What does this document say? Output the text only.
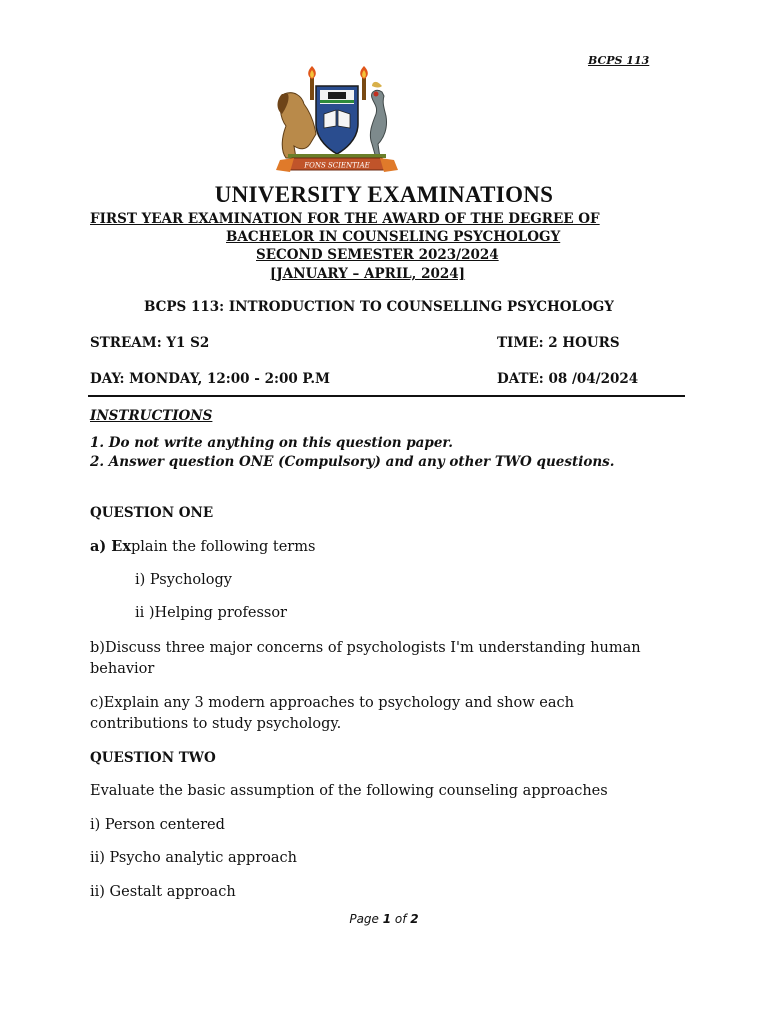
BCPS 113
FONS SCIENTIAE
UNIVERSITY EXAMINATIONS
FIRST YEAR EXAMINATION FOR THE AWARD OF THE DEGREE OF
BACHELOR IN COUNSELING PSYCHOLOGY
SECOND SEMESTER 2023/2024
[JANUARY – APRIL, 2024]
BCPS 113: INTRODUCTION TO COUNSELLING PSYCHOLOGY
STREAM: Y1 S2	TIME: 2 HOURS
DAY: MONDAY, 12:00 - 2:00 P.M	DATE: 08 /04/2024
INSTRUCTIONS
1. Do not write anything on this question paper.
2. Answer question ONE (Compulsory) and any other TWO questions.
QUESTION ONE
a) Explain the following terms
i) Psychology
ii )Helping professor
b)Discuss three major concerns of psychologists I'm understanding human behavior
c)Explain any 3 modern approaches to psychology and show each contributions to study psychology.
QUESTION TWO
Evaluate the basic assumption of the following counseling approaches
i) Person centered
ii) Psycho analytic approach
ii) Gestalt approach
Page 1 of 2
